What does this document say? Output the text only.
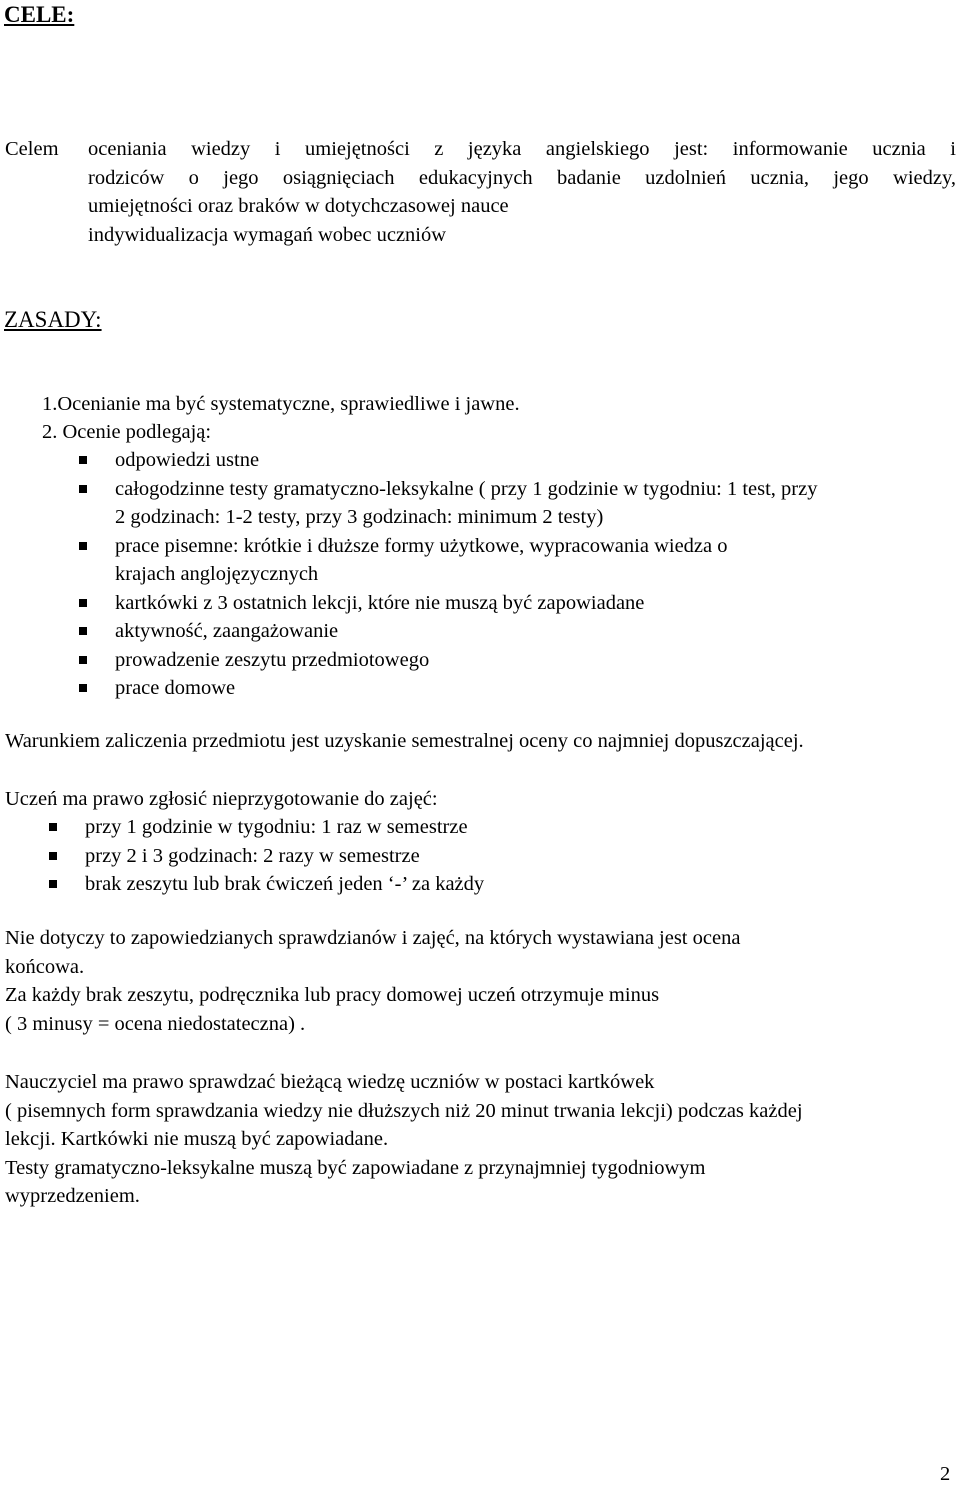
CELE:
Celem oceniania wiedzy i umiejętności z języka angielskiego jest: informowanie ucznia i
rodziców o jego osiągnięciach edukacyjnych badanie uzdolnień ucznia, jego wiedzy,
umiejętności oraz braków w dotychczasowej nauce
indywidualizacja wymagań wobec uczniów
ZASADY:
1.Ocenianie ma być systematyczne, sprawiedliwe i jawne.
2. Ocenie podlegają:
odpowiedzi ustne
całogodzinne testy gramatyczno-leksykalne ( przy 1 godzinie w tygodniu: 1 test, przy
2 godzinach: 1-2 testy, przy 3 godzinach: minimum 2 testy)
prace pisemne: krótkie i dłuższe formy użytkowe, wypracowania wiedza o
krajach anglojęzycznych
kartkówki z 3 ostatnich lekcji, które nie muszą być zapowiadane
aktywność, zaangażowanie
prowadzenie zeszytu przedmiotowego
prace domowe
Warunkiem zaliczenia przedmiotu jest uzyskanie semestralnej oceny co najmniej dopuszczającej.
Uczeń ma prawo zgłosić nieprzygotowanie do zajęć:
przy 1 godzinie w tygodniu: 1 raz w semestrze
przy 2 i 3 godzinach: 2 razy w semestrze
brak zeszytu lub brak ćwiczeń jeden ‘-’ za każdy
Nie dotyczy to zapowiedzianych sprawdzianów i zajęć, na których wystawiana jest ocena
końcowa.
Za każdy brak zeszytu, podręcznika lub pracy domowej uczeń otrzymuje minus
( 3 minusy = ocena niedostateczna) .
Nauczyciel ma prawo sprawdzać bieżącą wiedzę uczniów w postaci kartkówek
( pisemnych form sprawdzania wiedzy nie dłuższych niż 20 minut trwania lekcji) podczas każdej
lekcji. Kartkówki nie muszą być zapowiadane.
Testy gramatyczno-leksykalne muszą być zapowiadane z przynajmniej tygodniowym
wyprzedzeniem.
2
